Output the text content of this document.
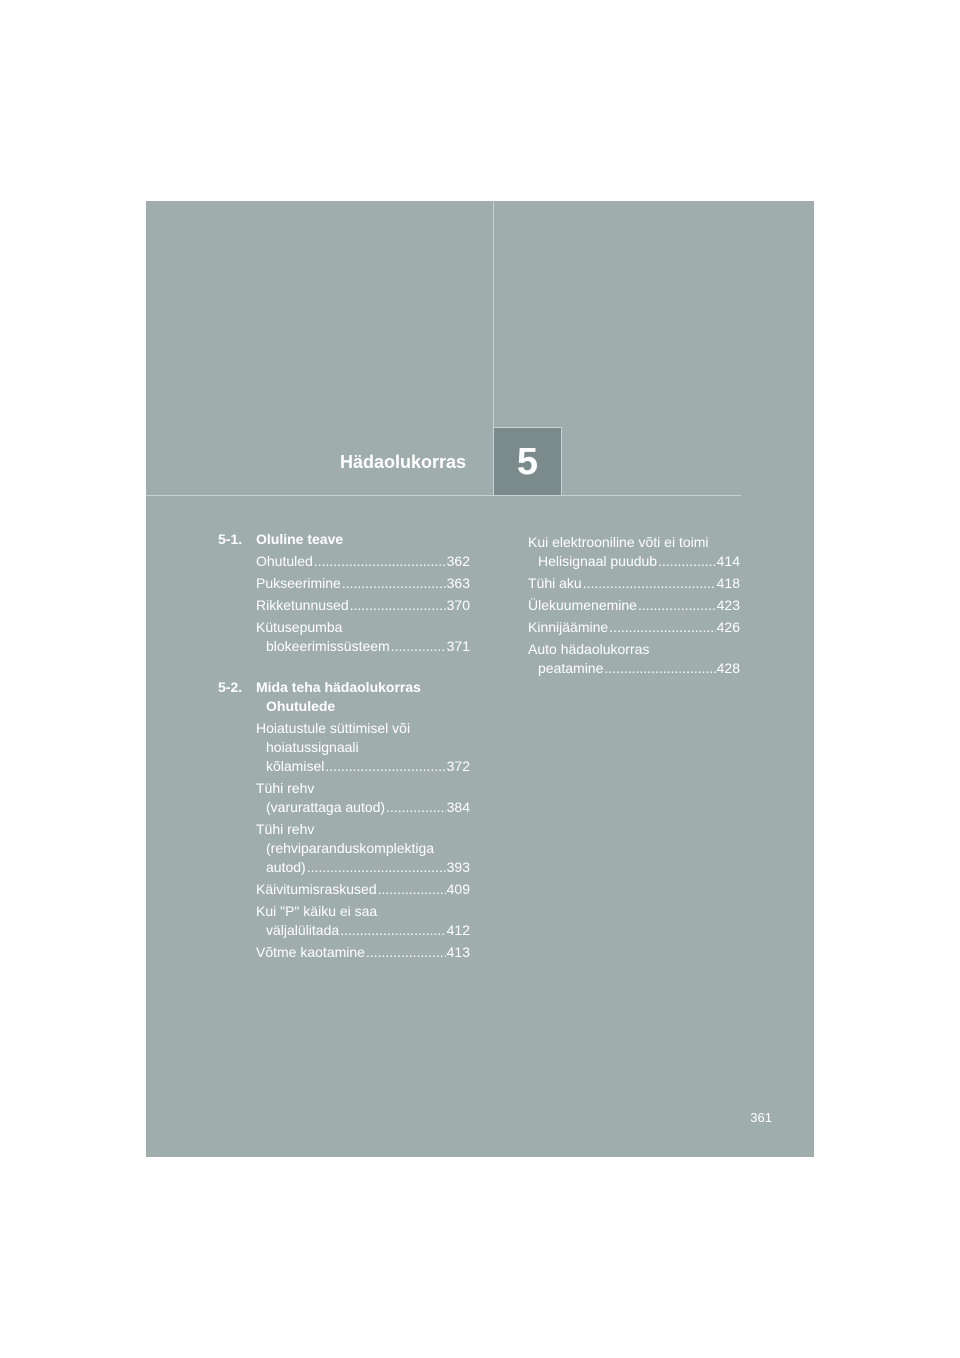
Hädaolukorras	5
5-1. Oluline teave
Ohutuled .....	362
Pukseerimine .....	363
Rikketunnused .....	370
Kütusepumba
blokeerimissüsteem .....	371
5-2. Mida teha hädaolukorras
Ohutulede
Hoiatustule süttimisel või
hoiatussignaali
kõlamisel .....	372
Tühi rehv
(varurattaga autod) .....	384
Tühi rehv
(rehviparanduskomplektiga
autod) .....	393
Käivitumisraskused .....	409
Kui "P" käiku ei saa
väljalülitada .....	412
Võtme kaotamine .....	413
Kui elektrooniline võti ei toimi
Helisignaal puudub .....	414
Tühi aku .....	418
Ülekuumenemine .....	423
Kinnijäämine .....	426
Auto hädaolukorras
peatamine .....	428
361
